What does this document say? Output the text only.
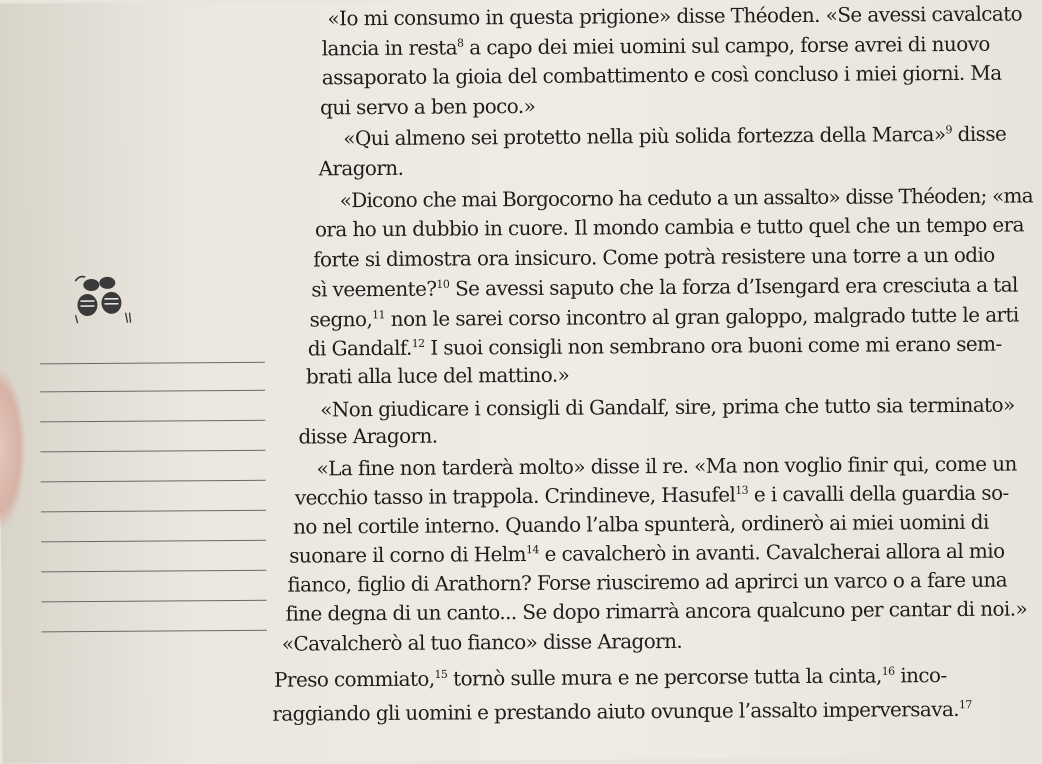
«Io mi consumo in questa prigione» disse Théoden. «Se avessi cavalcato
lancia in resta$^8$ a capo dei miei uomini sul campo, forse avrei di nuovo
assaporato la gioia del combattimento e così concluso i miei giorni. Ma
qui servo a ben poco.»
«Qui almeno sei protetto nella più solida fortezza della Marca»$^9$ disse
Aragorn.
«Dicono che mai Borgocorno ha ceduto a un assalto» disse Théoden; «ma
ora ho un dubbio in cuore. Il mondo cambia e tutto quel che un tempo era
forte si dimostra ora insicuro. Come potrà resistere una torre a un odio
sì veemente?$^{10}$ Se avessi saputo che la forza d’Isengard era cresciuta a tal
segno,$^{11}$ non le sarei corso incontro al gran galoppo, malgrado tutte le arti
di Gandalf.$^{12}$ I suoi consigli non sembrano ora buoni come mi erano sem-
brati alla luce del mattino.»
«Non giudicare i consigli di Gandalf, sire, prima che tutto sia terminato»
disse Aragorn.
«La fine non tarderà molto» disse il re. «Ma non voglio finir qui, come un
vecchio tasso in trappola. Crindineve, Hasufel$^{13}$ e i cavalli della guardia so-
no nel cortile interno. Quando l’alba spunterà, ordinerò ai miei uomini di
suonare il corno di Helm$^{14}$ e cavalcherò in avanti. Cavalcherai allora al mio
fianco, figlio di Arathorn? Forse riusciremo ad aprirci un varco o a fare una
fine degna di un canto... Se dopo rimarrà ancora qualcuno per cantar di noi.»
«Cavalcherò al tuo fianco» disse Aragorn.
Preso commiato,$^{15}$ tornò sulle mura e ne percorse tutta la cinta,$^{16}$ inco-
raggiando gli uomini e prestando aiuto ovunque l’assalto imperversava.$^{17}$
